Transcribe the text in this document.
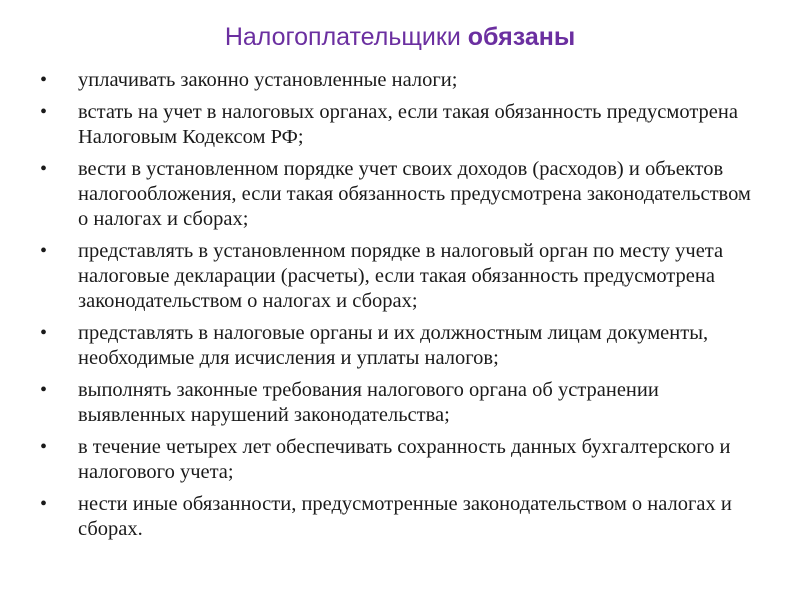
Налогоплательщики обязаны
• уплачивать законно установленные налоги;
• встать на учет в налоговых органах, если такая обязанность предусмотрена Налоговым Кодексом РФ;
• вести в установленном порядке учет своих доходов (расходов) и объектов налогообложения, если такая обязанность предусмотрена законодательством о налогах и сборах;
• представлять в установленном порядке в налоговый орган по месту учета налоговые декларации (расчеты), если такая обязанность предусмотрена законодательством о налогах и сборах;
• представлять в налоговые органы и их должностным лицам документы, необходимые для исчисления и уплаты налогов;
• выполнять законные требования налогового органа об устранении выявленных нарушений законодательства;
• в течение четырех лет обеспечивать сохранность данных бухгалтерского и налогового учета;
• нести иные обязанности, предусмотренные законодательством о налогах и сборах.
